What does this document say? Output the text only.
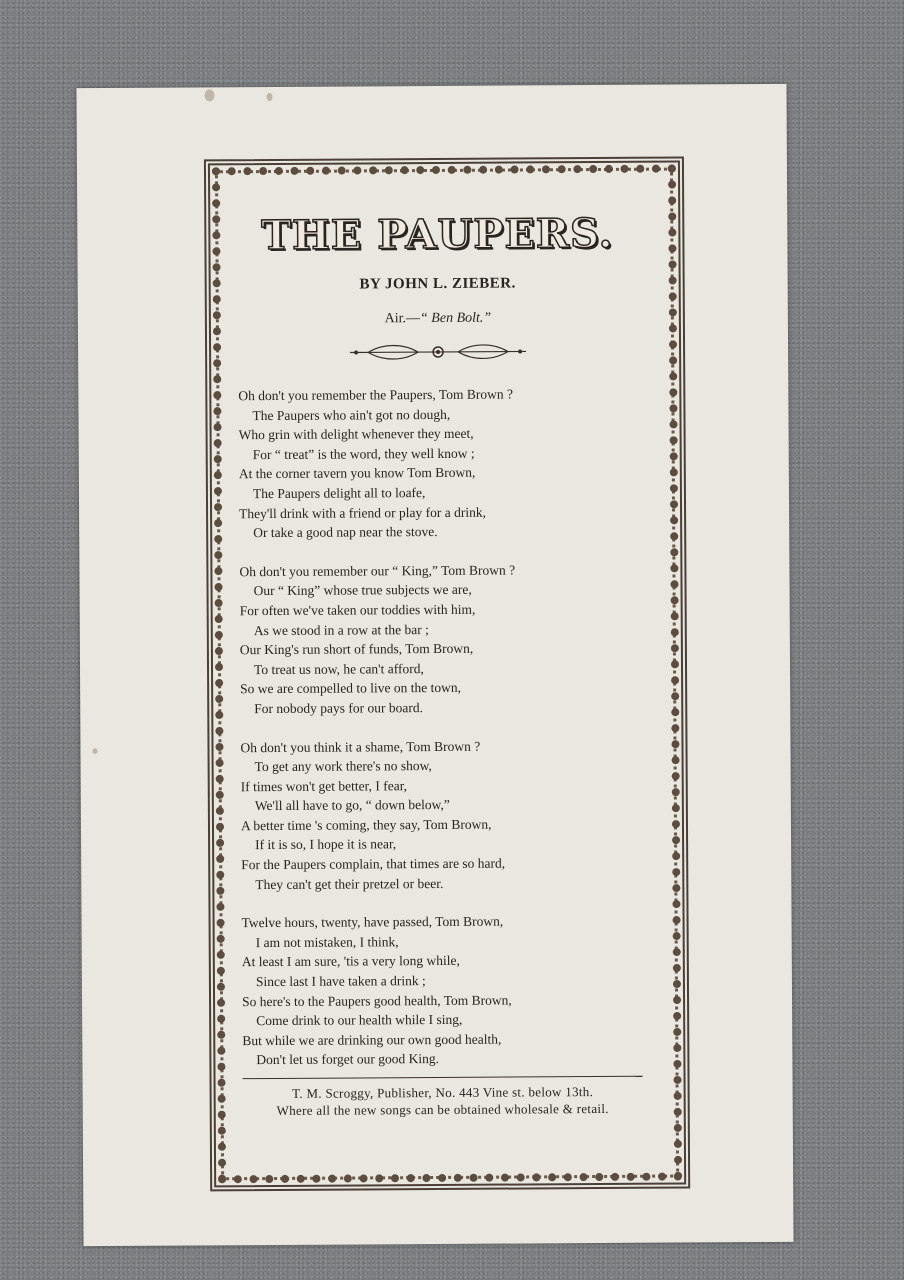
THE PAUPERS.
BY JOHN L. ZIEBER.
Air.—“ Ben Bolt.”
Oh don't you remember the Paupers, Tom Brown ?
The Paupers who ain't got no dough,
Who grin with delight whenever they meet,
For “ treat” is the word, they well know ;
At the corner tavern you know Tom Brown,
The Paupers delight all to loafe,
They'll drink with a friend or play for a drink,
Or take a good nap near the stove.
Oh don't you remember our “ King,” Tom Brown ?
Our “ King” whose true subjects we are,
For often we've taken our toddies with him,
As we stood in a row at the bar ;
Our King's run short of funds, Tom Brown,
To treat us now, he can't afford,
So we are compelled to live on the town,
For nobody pays for our board.
Oh don't you think it a shame, Tom Brown ?
To get any work there's no show,
If times won't get better, I fear,
We'll all have to go, “ down below,”
A better time 's coming, they say, Tom Brown,
If it is so, I hope it is near,
For the Paupers complain, that times are so hard,
They can't get their pretzel or beer.
Twelve hours, twenty, have passed, Tom Brown,
I am not mistaken, I think,
At least I am sure, 'tis a very long while,
Since last I have taken a drink ;
So here's to the Paupers good health, Tom Brown,
Come drink to our health while I sing,
But while we are drinking our own good health,
Don't let us forget our good King.
T. M. Scroggy, Publisher, No. 443 Vine st. below 13th.
Where all the new songs can be obtained wholesale & retail.
